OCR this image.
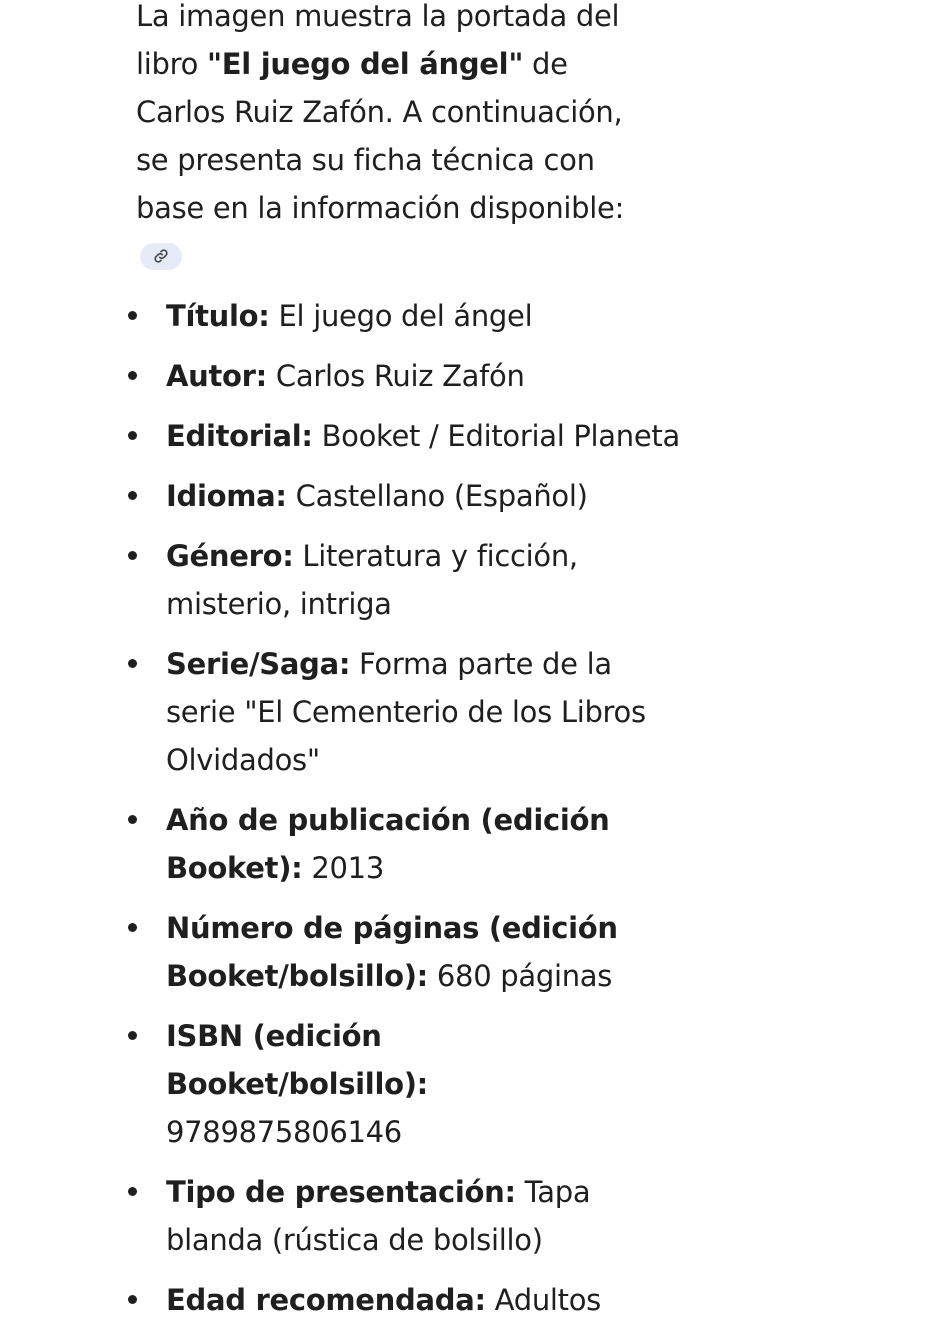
La imagen muestra la portada del libro "El juego del ángel" de Carlos Ruiz Zafón. A continuación, se presenta su ficha técnica con base en la información disponible:

Título: El juego del ángel
Autor: Carlos Ruiz Zafón
Editorial: Booket / Editorial Planeta
Idioma: Castellano (Español)
Género: Literatura y ficción, misterio, intriga
Serie/Saga: Forma parte de la serie "El Cementerio de los Libros Olvidados"
Año de publicación (edición Booket): 2013
Número de páginas (edición Booket/bolsillo): 680 páginas
ISBN (edición Booket/bolsillo): 9789875806146
Tipo de presentación: Tapa blanda (rústica de bolsillo)
Edad recomendada: Adultos
